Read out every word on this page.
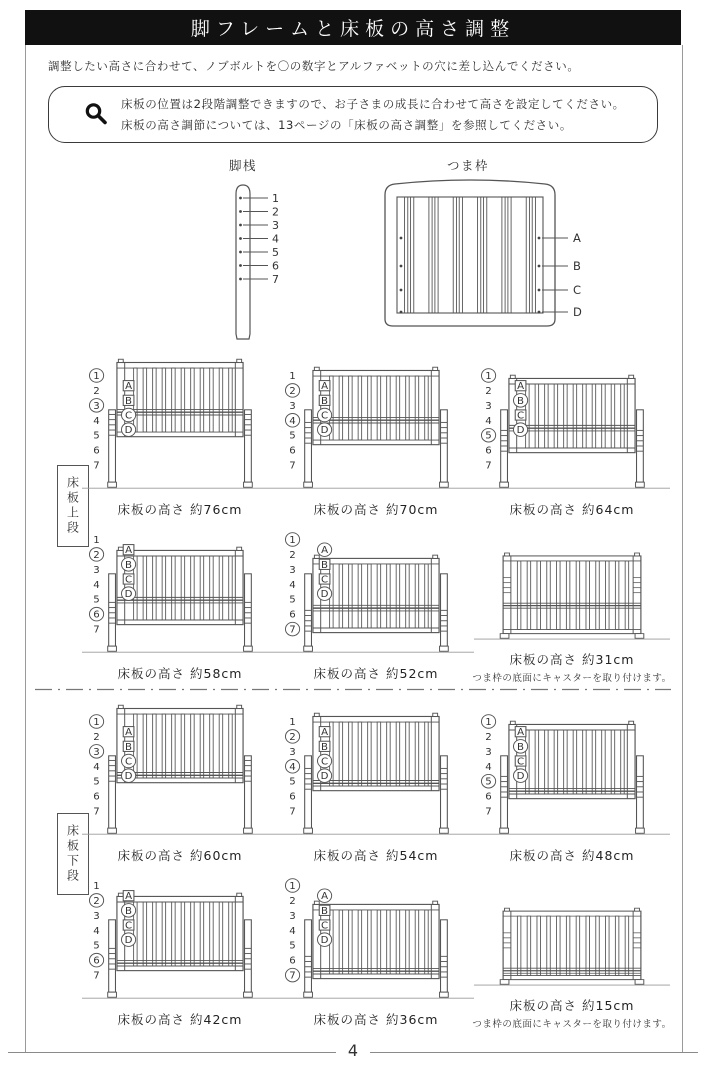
脚フレームと床板の高さ調整
調整したい高さに合わせて、ノブボルトを〇の数字とアルファベットの穴に差し込んでください。
床板の位置は2段階調整できますので、お子さまの成長に合わせて高さを設定してください。
床板の高さ調節については、13ページの「床板の高さ調整」を参照してください。
脚桟	つま枠
1
2
3
4
5
6
7
A
B
C
D
床板上段
床板下段
1
2
3
4
5
6
7
A
B
C
D
床板の高さ 約76cm
1
2
3
4
5
6
7
A
B
C
D
床板の高さ 約70cm
1
2
3
4
5
6
7
A
B
C
D
床板の高さ 約64cm
1
2
3
4
5
6
7
A
B
C
D
床板の高さ 約58cm
1
2
3
4
5
6
7
A
B
C
D
床板の高さ 約52cm
床板の高さ 約31cm
つま枠の底面にキャスターを取り付けます。
1
2
3
4
5
6
7
A
B
C
D
床板の高さ 約60cm
1
2
3
4
5
6
7
A
B
C
D
床板の高さ 約54cm
1
2
3
4
5
6
7
A
B
C
D
床板の高さ 約48cm
1
2
3
4
5
6
7
A
B
C
D
床板の高さ 約42cm
1
2
3
4
5
6
7
A
B
C
D
床板の高さ 約36cm
床板の高さ 約15cm
つま枠の底面にキャスターを取り付けます。
4
